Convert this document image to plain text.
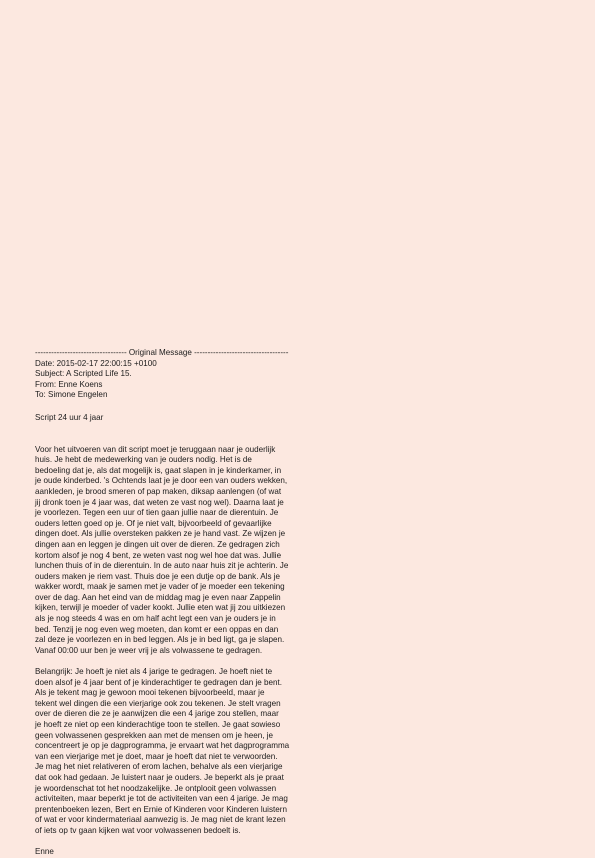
---------------------------------- Original Message -----------------------------------
Date: 2015-02-17 22:00:15 +0100
Subject: A Scripted Life 15.
From: Enne Koens
To: Simone Engelen
Script 24 uur 4 jaar
Voor het uitvoeren van dit script moet je teruggaan naar je ouderlijk
huis. Je hebt de medewerking van je ouders nodig. Het is de
bedoeling dat je, als dat mogelijk is, gaat slapen in je kinderkamer, in
je oude kinderbed. 's Ochtends laat je je door een van ouders wekken,
aankleden, je brood smeren of pap maken, diksap aanlengen (of wat
jij dronk toen je 4 jaar was, dat weten ze vast nog wel). Daarna laat je
je voorlezen. Tegen een uur of tien gaan jullie naar de dierentuin. Je
ouders letten goed op je. Of je niet valt, bijvoorbeeld of gevaarlijke
dingen doet. Als jullie oversteken pakken ze je hand vast. Ze wijzen je
dingen aan en leggen je dingen uit over de dieren. Ze gedragen zich
kortom alsof je nog 4 bent, ze weten vast nog wel hoe dat was. Jullie
lunchen thuis of in de dierentuin. In de auto naar huis zit je achterin. Je
ouders maken je riem vast. Thuis doe je een dutje op de bank. Als je
wakker wordt, maak je samen met je vader of je moeder een tekening
over de dag. Aan het eind van de middag mag je even naar Zappelin
kijken, terwijl je moeder of vader kookt. Jullie eten wat jij zou uitkiezen
als je nog steeds 4 was en om half acht legt een van je ouders je in
bed. Tenzij je nog even weg moeten, dan komt er een oppas en dan
zal deze je voorlezen en in bed leggen. Als je in bed ligt, ga je slapen.
Vanaf 00:00 uur ben je weer vrij je als volwassene te gedragen.
Belangrijk: Je hoeft je niet als 4 jarige te gedragen. Je hoeft niet te
doen alsof je 4 jaar bent of je kinderachtiger te gedragen dan je bent.
Als je tekent mag je gewoon mooi tekenen bijvoorbeeld, maar je
tekent wel dingen die een vierjarige ook zou tekenen. Je stelt vragen
over de dieren die ze je aanwijzen die een 4 jarige zou stellen, maar
je hoeft ze niet op een kinderachtige toon te stellen. Je gaat sowieso
geen volwassenen gesprekken aan met de mensen om je heen, je
concentreert je op je dagprogramma, je ervaart wat het dagprogramma
van een vierjarige met je doet, maar je hoeft dat niet te verwoorden.
Je mag het niet relativeren of erom lachen, behalve als een vierjarige
dat ook had gedaan. Je luistert naar je ouders. Je beperkt als je praat
je woordenschat tot het noodzakelijke. Je ontplooit geen volwassen
activiteiten, maar beperkt je tot de activiteiten van een 4 jarige. Je mag
prentenboeken lezen, Bert en Ernie of Kinderen voor Kinderen luistern
of wat er voor kindermateriaal aanwezig is. Je mag niet de krant lezen
of iets op tv gaan kijken wat voor volwassenen bedoelt is.
Enne
